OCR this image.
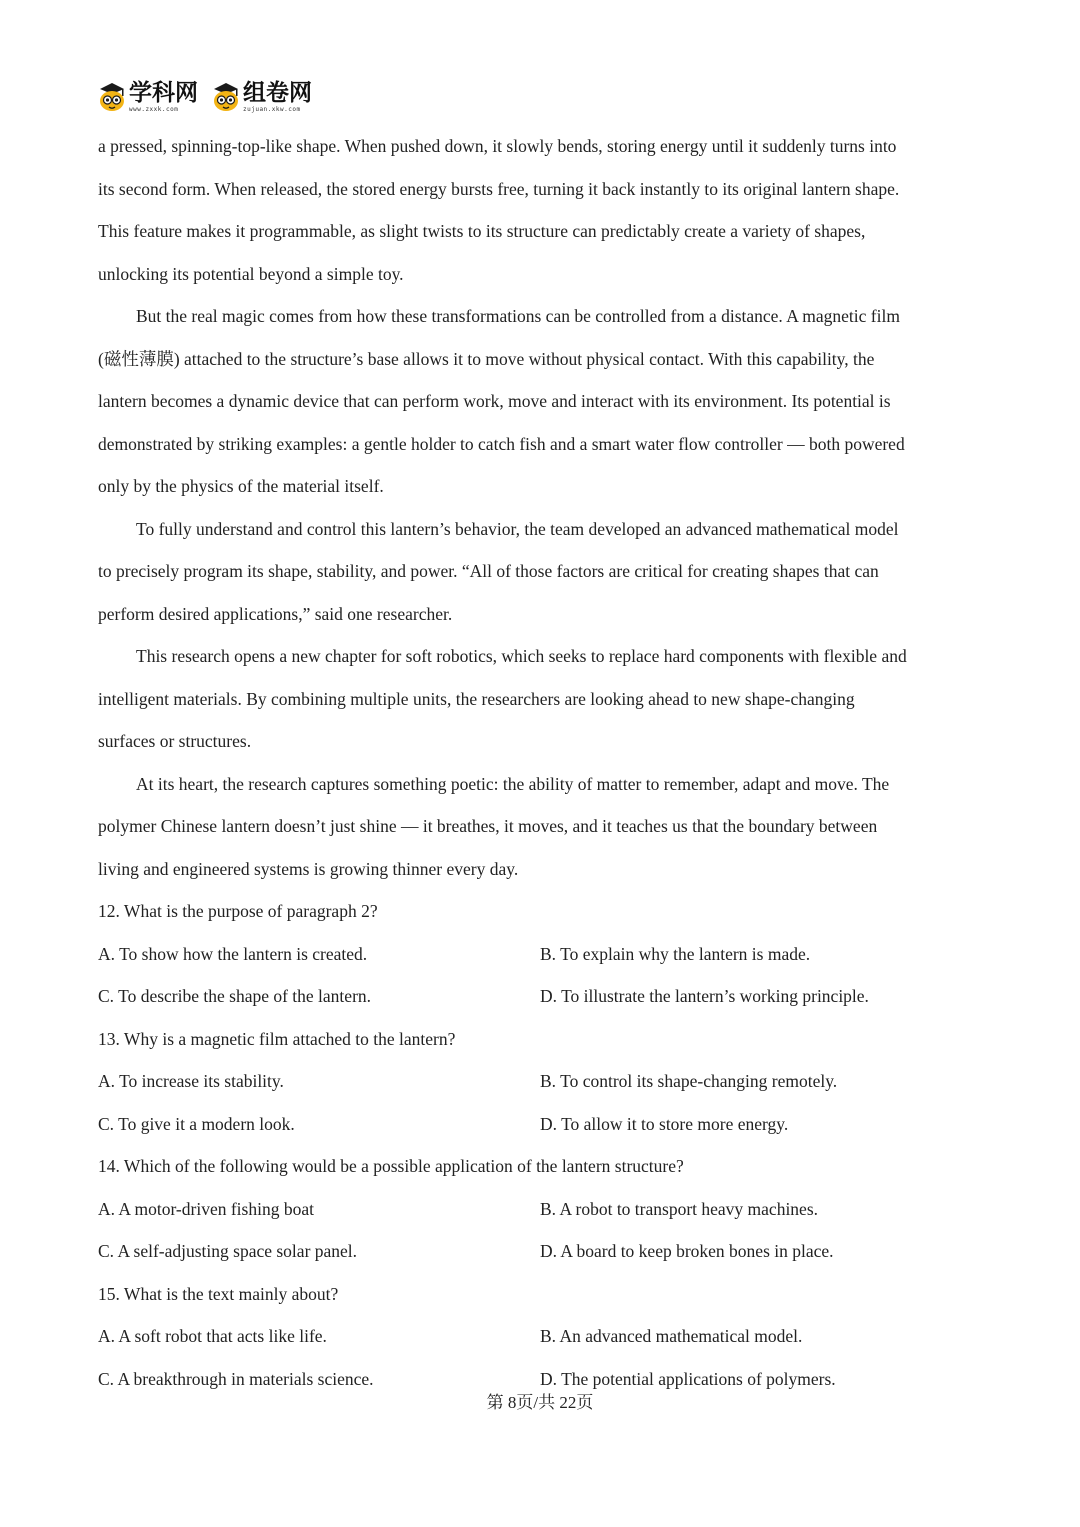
学科网
www.zxxk.com
组卷网
zujuan.xkw.com
a pressed, spinning-top-like shape. When pushed down, it slowly bends, storing energy until it suddenly turns into
its second form. When released, the stored energy bursts free, turning it back instantly to its original lantern shape.
This feature makes it programmable, as slight twists to its structure can predictably create a variety of shapes,
unlocking its potential beyond a simple toy.
But the real magic comes from how these transformations can be controlled from a distance. A magnetic film
(磁性薄膜) attached to the structure’s base allows it to move without physical contact. With this capability, the
lantern becomes a dynamic device that can perform work, move and interact with its environment. Its potential is
demonstrated by striking examples: a gentle holder to catch fish and a smart water flow controller — both powered
only by the physics of the material itself.
To fully understand and control this lantern’s behavior, the team developed an advanced mathematical model
to precisely program its shape, stability, and power. “All of those factors are critical for creating shapes that can
perform desired applications,” said one researcher.
This research opens a new chapter for soft robotics, which seeks to replace hard components with flexible and
intelligent materials. By combining multiple units, the researchers are looking ahead to new shape-changing
surfaces or structures.
At its heart, the research captures something poetic: the ability of matter to remember, adapt and move. The
polymer Chinese lantern doesn’t just shine — it breathes, it moves, and it teaches us that the boundary between
living and engineered systems is growing thinner every day.
12. What is the purpose of paragraph 2?
A. To show how the lantern is created.	B. To explain why the lantern is made.
C. To describe the shape of the lantern.	D. To illustrate the lantern’s working principle.
13. Why is a magnetic film attached to the lantern?
A. To increase its stability.	B. To control its shape-changing remotely.
C. To give it a modern look.	D. To allow it to store more energy.
14. Which of the following would be a possible application of the lantern structure?
A. A motor-driven fishing boat	B. A robot to transport heavy machines.
C. A self-adjusting space solar panel.	D. A board to keep broken bones in place.
15. What is the text mainly about?
A. A soft robot that acts like life.	B. An advanced mathematical model.
C. A breakthrough in materials science.	D. The potential applications of polymers.
第 8页/共 22页
